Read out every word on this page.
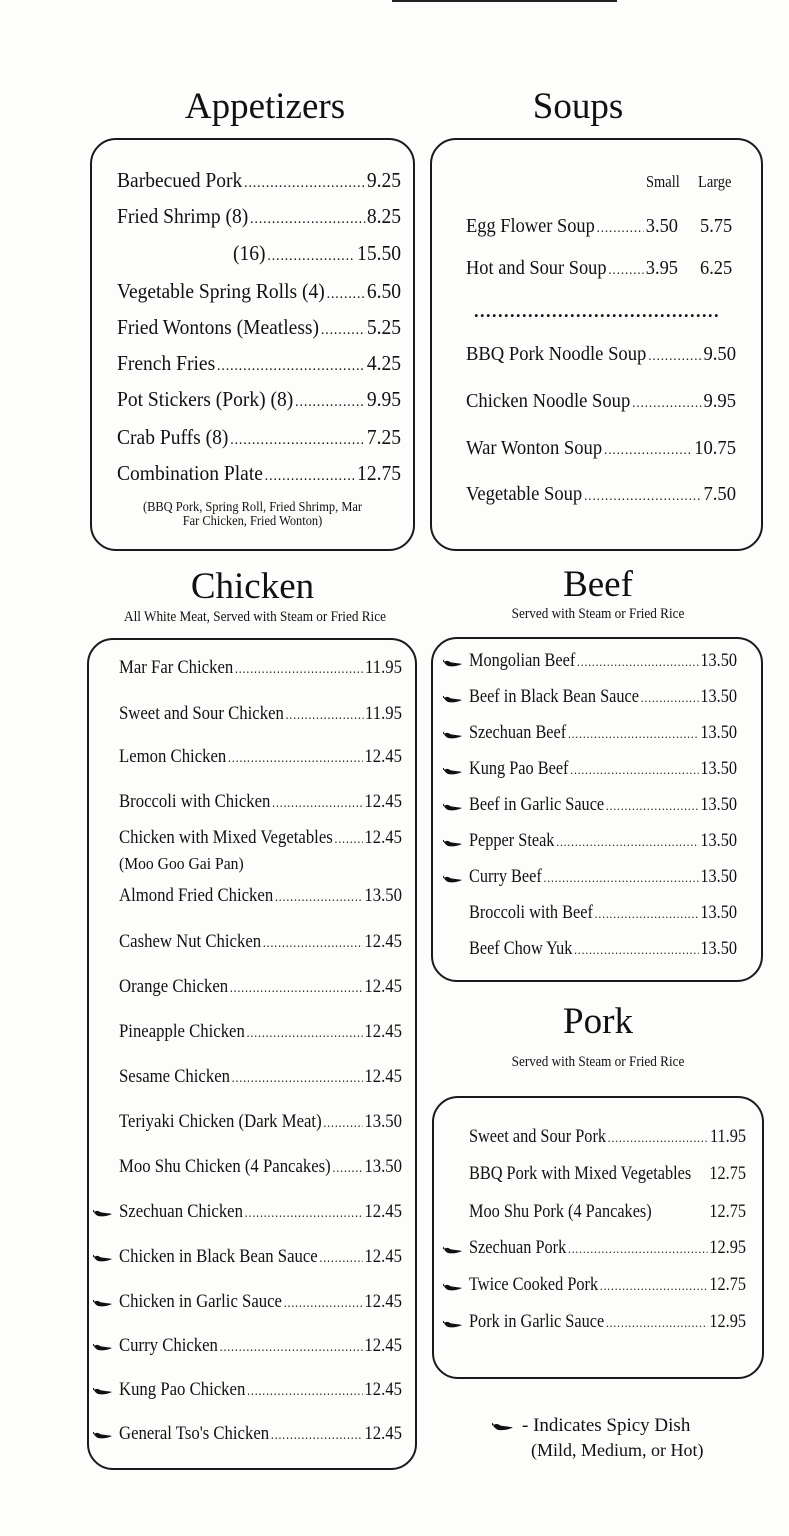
Appetizers
Barbecued Pork .....	9.25
Fried Shrimp (8) .....	8.25
(16) .....	15.50
Vegetable Spring Rolls (4) ..... 6.50
Fried Wontons (Meatless) ..... 5.25
French Fries .....	4.25
Pot Stickers (Pork) (8) .....	9.95
Crab Puffs (8) .....	7.25
Combination Plate .....	12.75
(BBQ Pork, Spring Roll, Fried Shrimp, Mar
Far Chicken, Fried Wonton)
Soups
Small Large
Egg Flower Soup .....	3.50 5.75
Hot and Sour Soup ..... 3.95 6.25
.....
BBQ Pork Noodle Soup .....	9.50
Chicken Noodle Soup .....	9.95
War Wonton Soup .....	10.75
Vegetable Soup .....	7.50
Chicken
All White Meat, Served with Steam or Fried Rice
Mar Far Chicken .....	11.95
Sweet and Sour Chicken .....	11.95
Lemon Chicken .....	12.45
Broccoli with Chicken .....	12.45
Chicken with Mixed Vegetables ..... 12.45
Almond Fried Chicken .....	13.50
Cashew Nut Chicken .....	12.45
Orange Chicken .....	12.45
Pineapple Chicken .....	12.45
Sesame Chicken .....	12.45
Teriyaki Chicken (Dark Meat) ..... 13.50
Moo Shu Chicken (4 Pancakes) ..... 13.50
Szechuan Chicken .....	12.45
Chicken in Black Bean Sauce ..... 12.45
Chicken in Garlic Sauce .....	12.45
Curry Chicken .....	12.45
Kung Pao Chicken .....	12.45
General Tso's Chicken .....	12.45
(Moo Goo Gai Pan)
Beef
Served with Steam or Fried Rice
Mongolian Beef .....	13.50
Beef in Black Bean Sauce .....	13.50
Szechuan Beef .....	13.50
Kung Pao Beef .....	13.50
Beef in Garlic Sauce .....	13.50
Pepper Steak .....	13.50
Curry Beef .....	13.50
Broccoli with Beef .....	13.50
Beef Chow Yuk .....	13.50
Pork
Served with Steam or Fried Rice
Sweet and Sour Pork .....	11.95
BBQ Pork with Mixed Vegetables 12.75
Moo Shu Pork (4 Pancakes)	12.75
Szechuan Pork .....	12.95
Twice Cooked Pork .....	12.75
Pork in Garlic Sauce .....	12.95
- Indicates Spicy Dish
(Mild, Medium, or Hot)
